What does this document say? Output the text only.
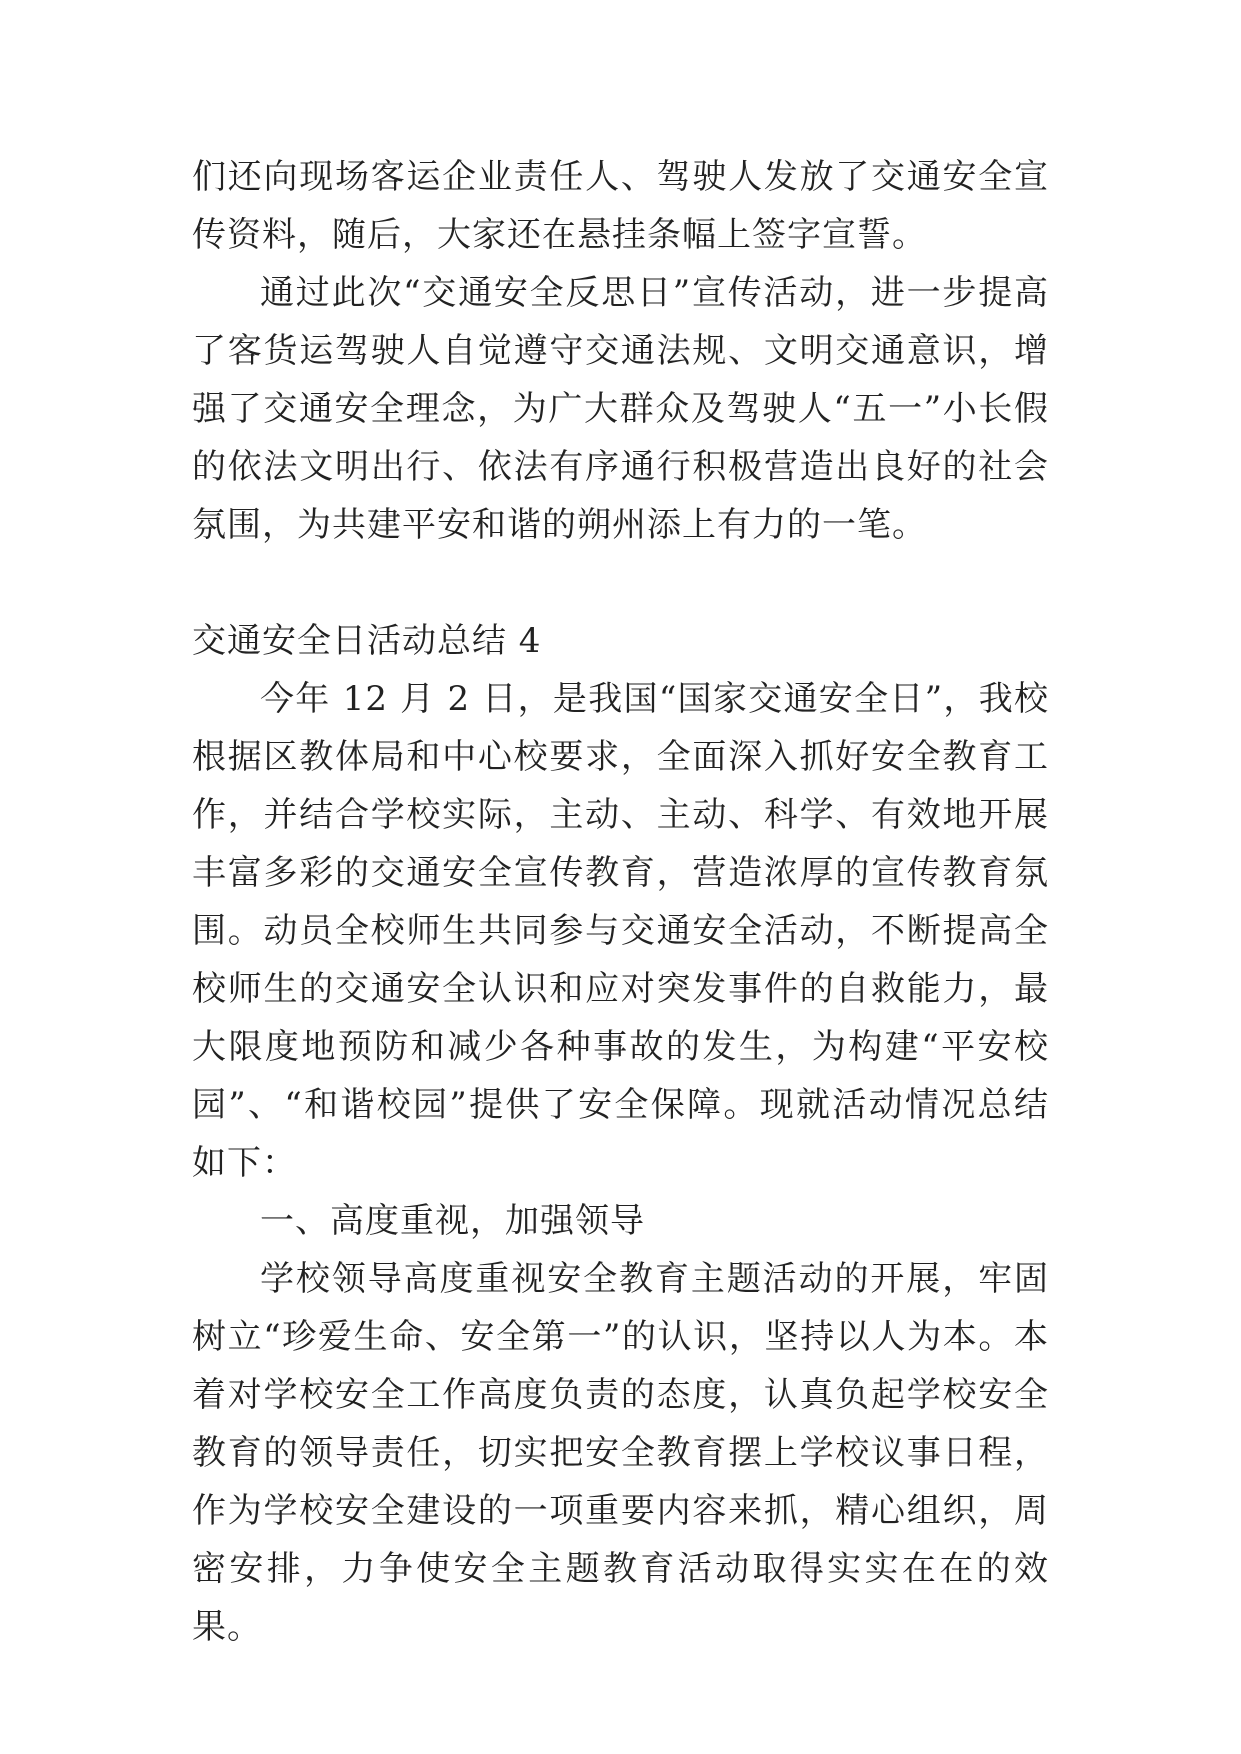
们还向现场客运企业责任人、驾驶人发放了交通安全宣传资料，随后，大家还在悬挂条幅上签字宣誓。

通过此次“交通安全反思日”宣传活动，进一步提高了客货运驾驶人自觉遵守交通法规、文明交通意识，增强了交通安全理念，为广大群众及驾驶人“五一”小长假的依法文明出行、依法有序通行积极营造出良好的社会氛围，为共建平安和谐的朔州添上有力的一笔。

交通安全日活动总结 4

今年 12 月 2 日，是我国“国家交通安全日”，我校根据区教体局和中心校要求，全面深入抓好安全教育工作，并结合学校实际，主动、主动、科学、有效地开展丰富多彩的交通安全宣传教育，营造浓厚的宣传教育氛围。动员全校师生共同参与交通安全活动，不断提高全校师生的交通安全认识和应对突发事件的自救能力，最大限度地预防和减少各种事故的发生，为构建“平安校园”、“和谐校园”提供了安全保障。现就活动情况总结如下：

一、高度重视，加强领导

学校领导高度重视安全教育主题活动的开展，牢固树立“珍爱生命、安全第一”的认识，坚持以人为本。本着对学校安全工作高度负责的态度，认真负起学校安全教育的领导责任，切实把安全教育摆上学校议事日程，作为学校安全建设的一项重要内容来抓，精心组织，周密安排，力争使安全主题教育活动取得实实在在的效果。
